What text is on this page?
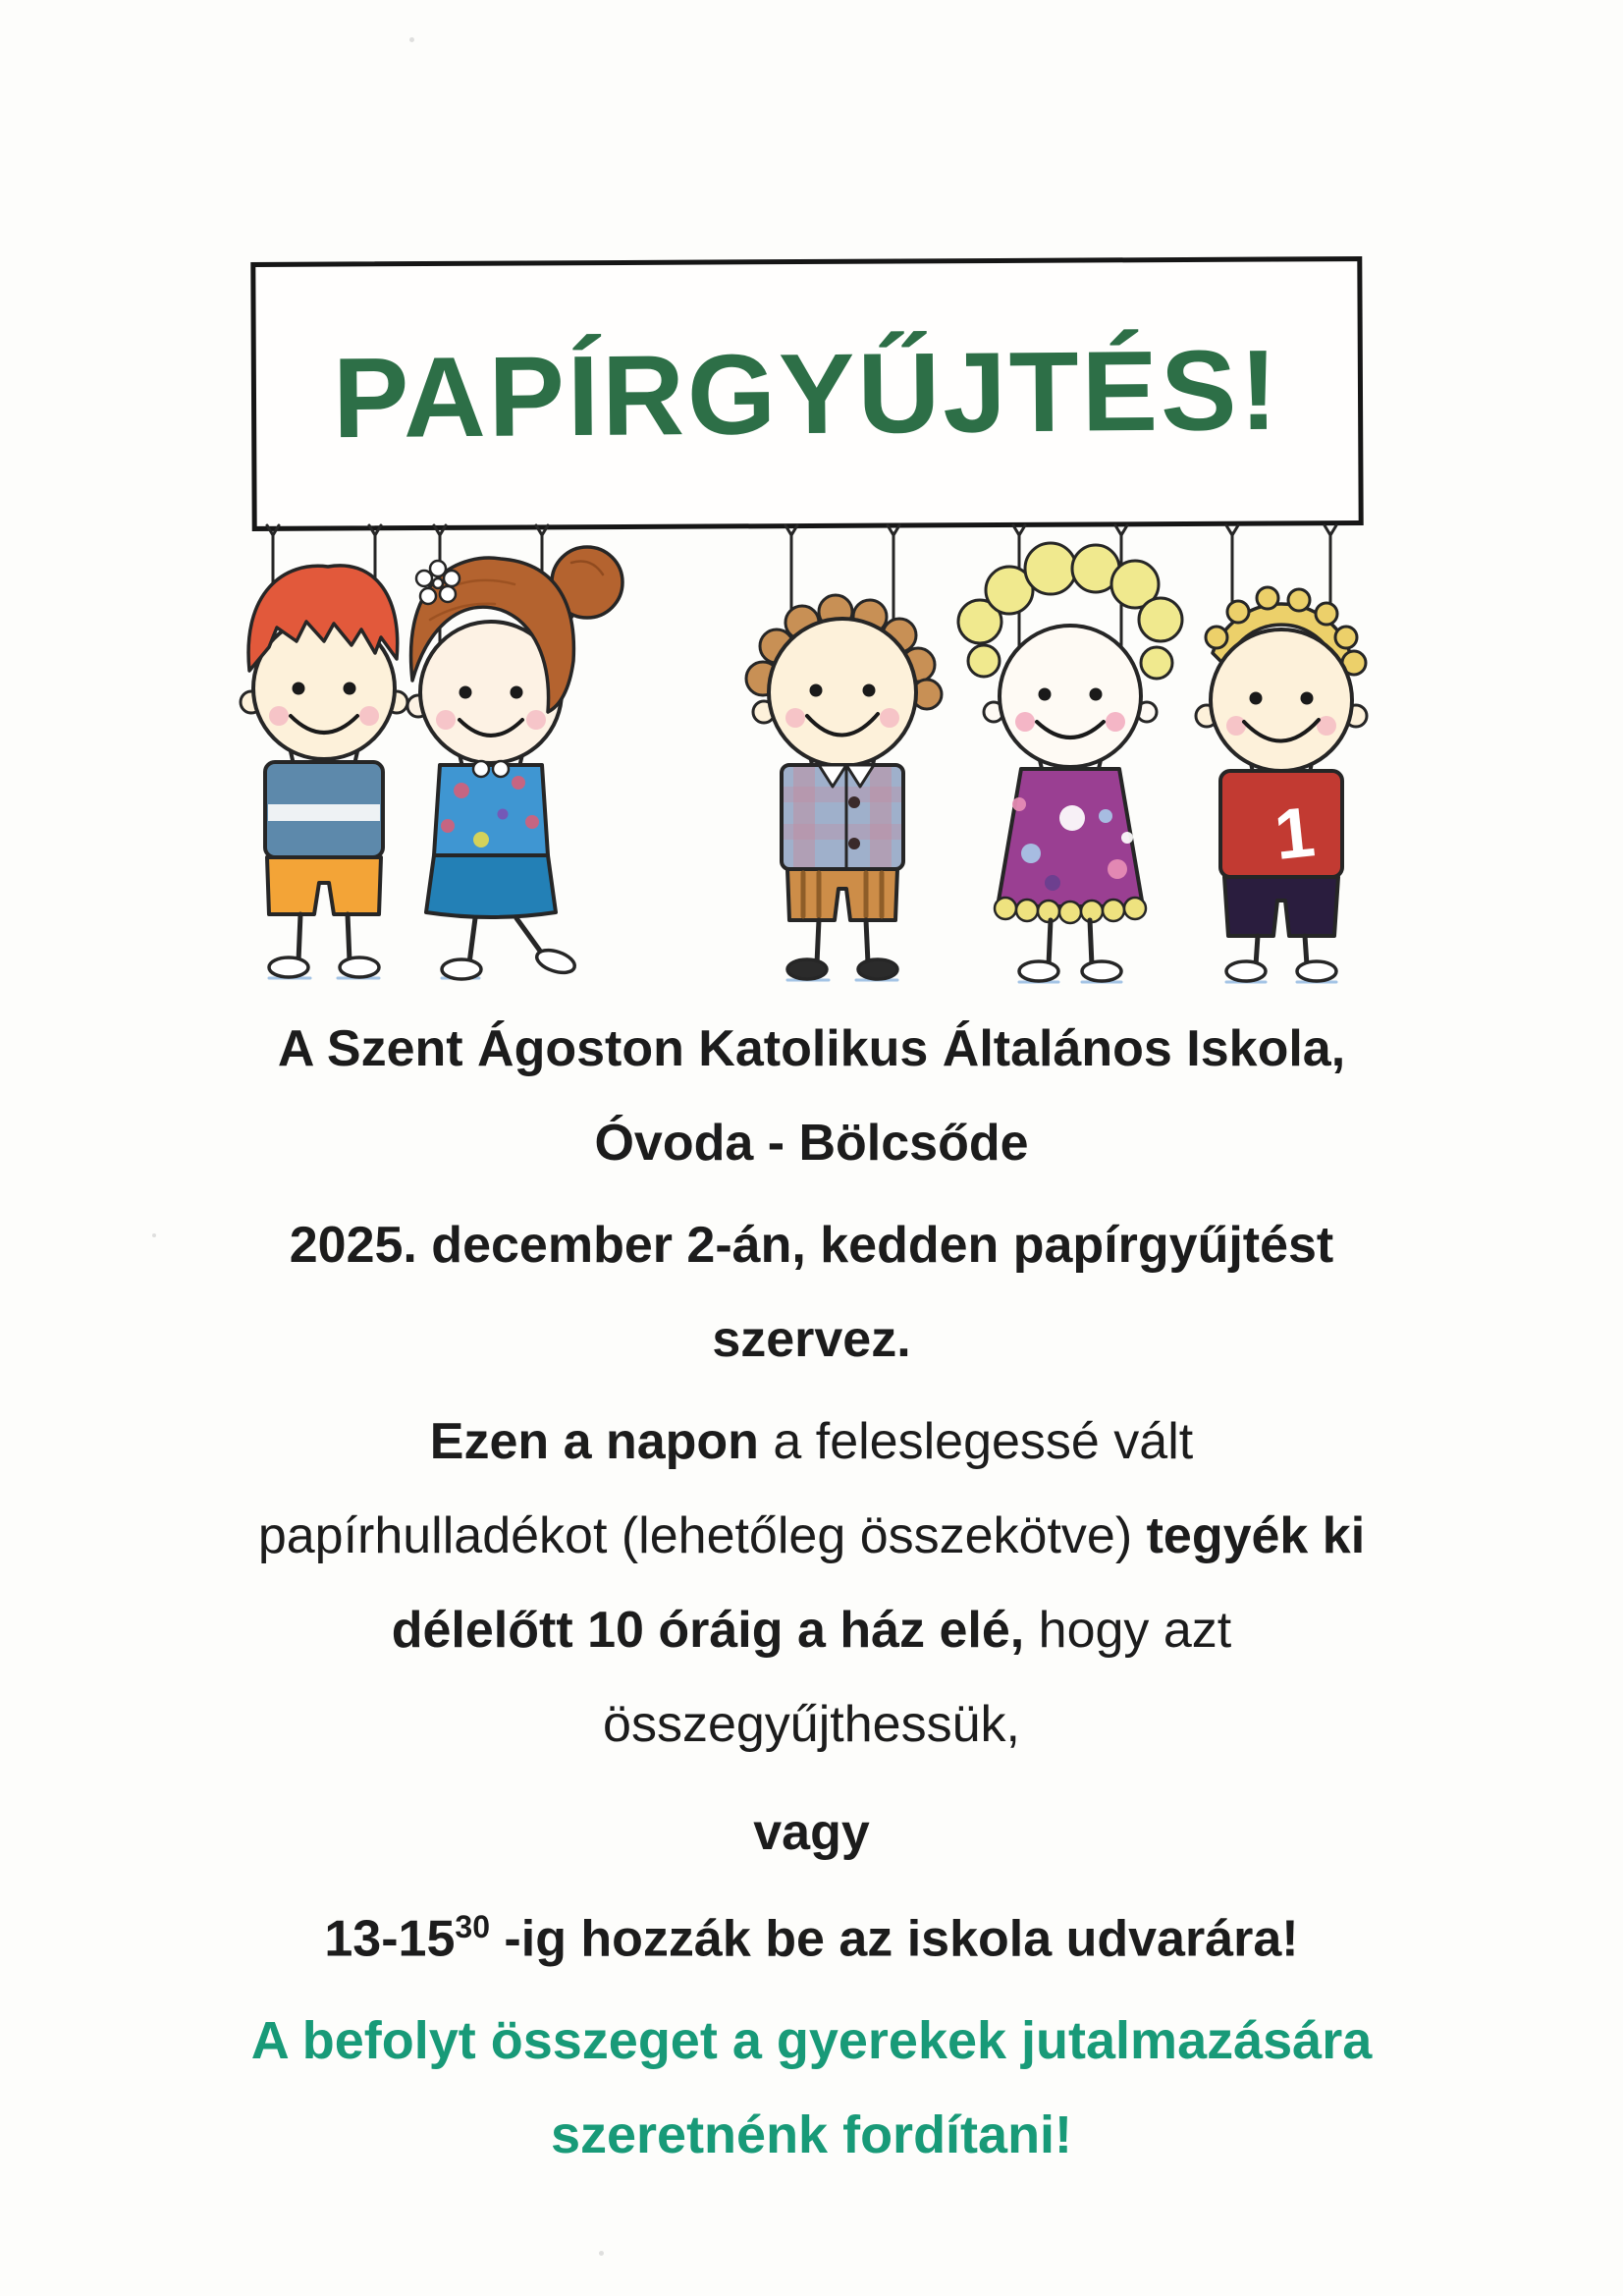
PAPÍRGYŰJTÉS!
1
A Szent Ágoston Katolikus Általános Iskola,
Óvoda - Bölcsőde
2025. december 2-án, kedden papírgyűjtést
szervez.
Ezen a napon a feleslegessé vált
papírhulladékot (lehetőleg összekötve) tegyék ki
délelőtt 10 óráig a ház elé, hogy azt
összegyűjthessük,
vagy
$13-15^{30}$ -ig hozzák be az iskola udvarára!
A befolyt összeget a gyerekek jutalmazására
szeretnénk fordítani!
